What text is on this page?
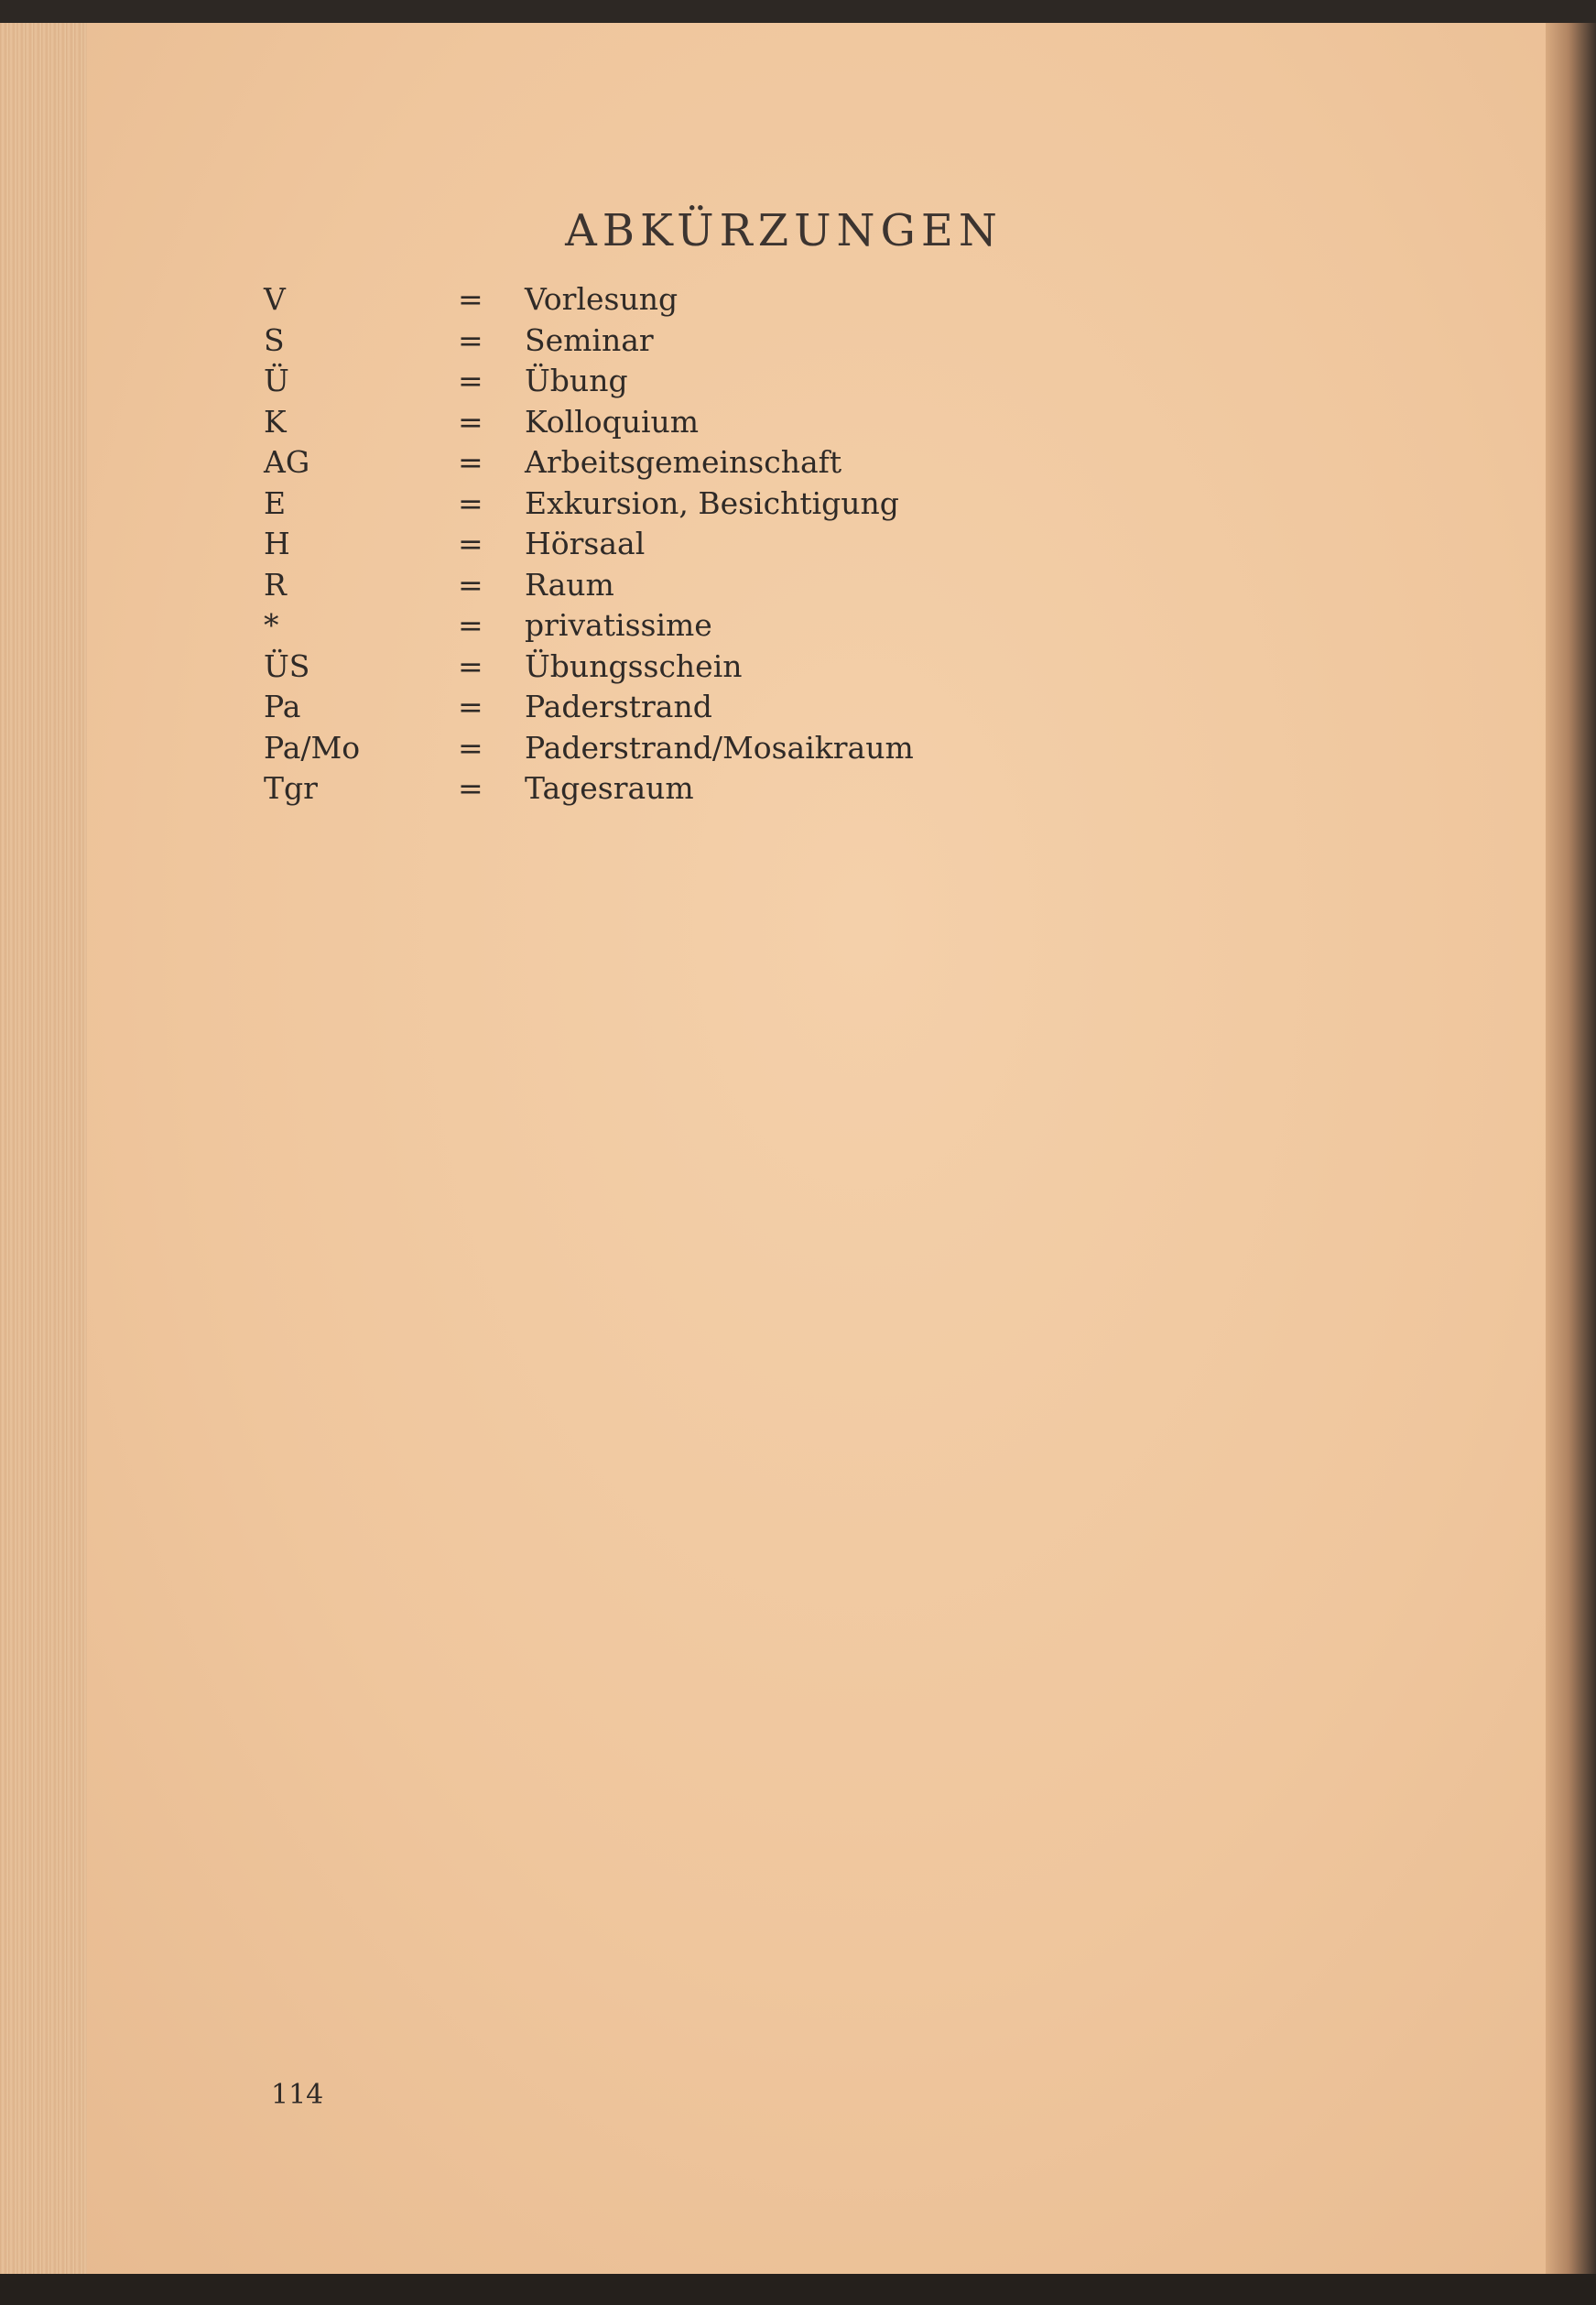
ABKÜRZUNGEN
V	= Vorlesung
S	= Seminar
Ü	= Übung
K	= Kolloquium
AG	= Arbeitsgemeinschaft
E	= Exkursion, Besichtigung
H	= Hörsaal
R	= Raum
*	= privatissime
ÜS	= Übungsschein
Pa	= Paderstrand
Pa/Mo	= Paderstrand/Mosaikraum
Tgr	= Tagesraum
114
